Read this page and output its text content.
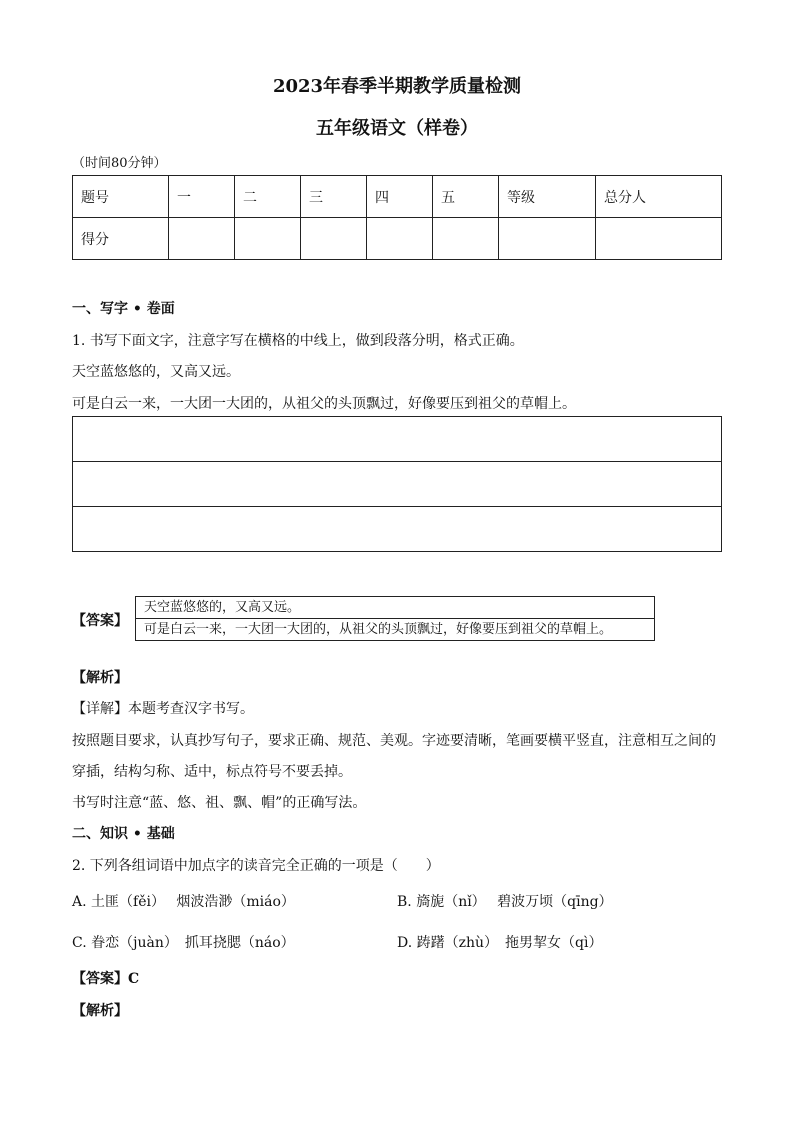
2023年春季半期教学质量检测
五年级语文（样卷）
（时间80分钟）
题号	一	二	三	四	五	等级	总分人
得分							
一、写字 • 卷面
1. 书写下面文字，注意字写在横格的中线上，做到段落分明，格式正确。
天空蓝悠悠的，又高又远。
可是白云一来，一大团一大团的，从祖父的头顶飘过，好像要压到祖父的草帽上。

【答案】
天空蓝悠悠的，又高又远。
可是白云一来，一大团一大团的，从祖父的头顶飘过，好像要压到祖父的草帽上。
【解析】
【详解】本题考查汉字书写。
按照题目要求，认真抄写句子，要求正确、规范、美观。字迹要清晰，笔画要横平竖直，注意相互之间的
穿插，结构匀称、适中，标点符号不要丢掉。
书写时注意“蓝、悠、祖、飘、帽”的正确写法。
二、知识 • 基础
2. 下列各组词语中加点字的读音完全正确的一项是（　　）
A. 土匪（fěi）　 烟波浩渺（miáo）	B. 旖旎（nǐ）　 碧波万顷（qīng）
C. 眷恋（juàn）　抓耳挠腮（náo）	D. 踌躇（zhù）　拖男挈女（qì）
【答案】C
【解析】
